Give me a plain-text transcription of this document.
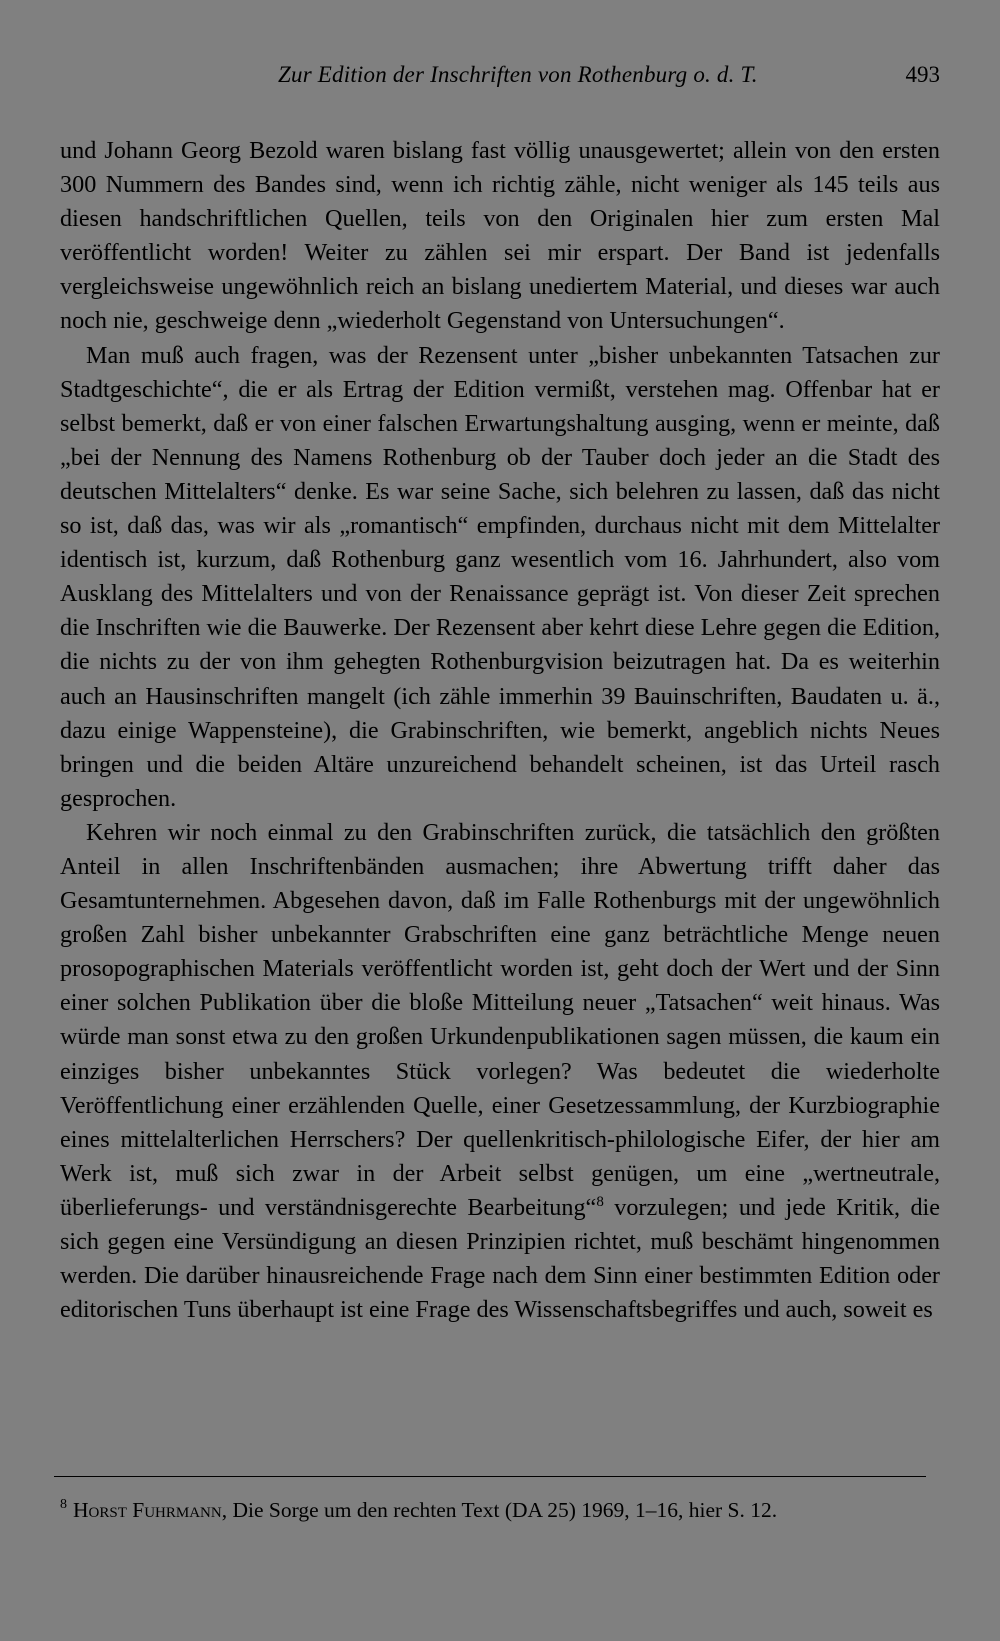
Zur Edition der Inschriften von Rothenburg o. d. T.	493

und Johann Georg Bezold waren bislang fast völlig unausgewertet; allein von den ersten 300 Nummern des Bandes sind, wenn ich richtig zähle, nicht weniger als 145 teils aus diesen handschriftlichen Quellen, teils von den Originalen hier zum ersten Mal veröffentlicht worden! Weiter zu zählen sei mir erspart. Der Band ist jedenfalls vergleichsweise ungewöhnlich reich an bislang unediertem Material, und dieses war auch noch nie, geschweige denn „wiederholt Gegenstand von Untersuchungen“.

Man muß auch fragen, was der Rezensent unter „bisher unbekannten Tatsachen zur Stadtgeschichte“, die er als Ertrag der Edition vermißt, verstehen mag. Offenbar hat er selbst bemerkt, daß er von einer falschen Erwartungshaltung ausging, wenn er meinte, daß „bei der Nennung des Namens Rothenburg ob der Tauber doch jeder an die Stadt des deutschen Mittelalters“ denke. Es war seine Sache, sich belehren zu lassen, daß das nicht so ist, daß das, was wir als „romantisch“ empfinden, durchaus nicht mit dem Mittelalter identisch ist, kurzum, daß Rothenburg ganz wesentlich vom 16. Jahrhundert, also vom Ausklang des Mittelalters und von der Renaissance geprägt ist. Von dieser Zeit sprechen die Inschriften wie die Bauwerke. Der Rezensent aber kehrt diese Lehre gegen die Edition, die nichts zu der von ihm gehegten Rothenburgvision beizutragen hat. Da es weiterhin auch an Hausinschriften mangelt (ich zähle immerhin 39 Bauinschriften, Baudaten u. ä., dazu einige Wappensteine), die Grabinschriften, wie bemerkt, angeblich nichts Neues bringen und die beiden Altäre unzureichend behandelt scheinen, ist das Urteil rasch gesprochen.

Kehren wir noch einmal zu den Grabinschriften zurück, die tatsächlich den größten Anteil in allen Inschriftenbänden ausmachen; ihre Abwertung trifft daher das Gesamtunternehmen. Abgesehen davon, daß im Falle Rothenburgs mit der ungewöhnlich großen Zahl bisher unbekannter Grabschriften eine ganz beträchtliche Menge neuen prosopographischen Materials veröffentlicht worden ist, geht doch der Wert und der Sinn einer solchen Publikation über die bloße Mitteilung neuer „Tatsachen“ weit hinaus. Was würde man sonst etwa zu den großen Urkundenpublikationen sagen müssen, die kaum ein einziges bisher unbekanntes Stück vorlegen? Was bedeutet die wiederholte Veröffentlichung einer erzählenden Quelle, einer Gesetzessammlung, der Kurzbiographie eines mittelalterlichen Herrschers? Der quellenkritisch-philologische Eifer, der hier am Werk ist, muß sich zwar in der Arbeit selbst genügen, um eine „wertneutrale, überlieferungs- und verständnisgerechte Bearbeitung“$^8$ vorzulegen; und jede Kritik, die sich gegen eine Versündigung an diesen Prinzipien richtet, muß beschämt hingenommen werden. Die darüber hinausreichende Frage nach dem Sinn einer bestimmten Edition oder editorischen Tuns überhaupt ist eine Frage des Wissenschaftsbegriffes und auch, soweit es

$^8$ Horst Fuhrmann, Die Sorge um den rechten Text (DA 25) 1969, 1–16, hier S. 12.
